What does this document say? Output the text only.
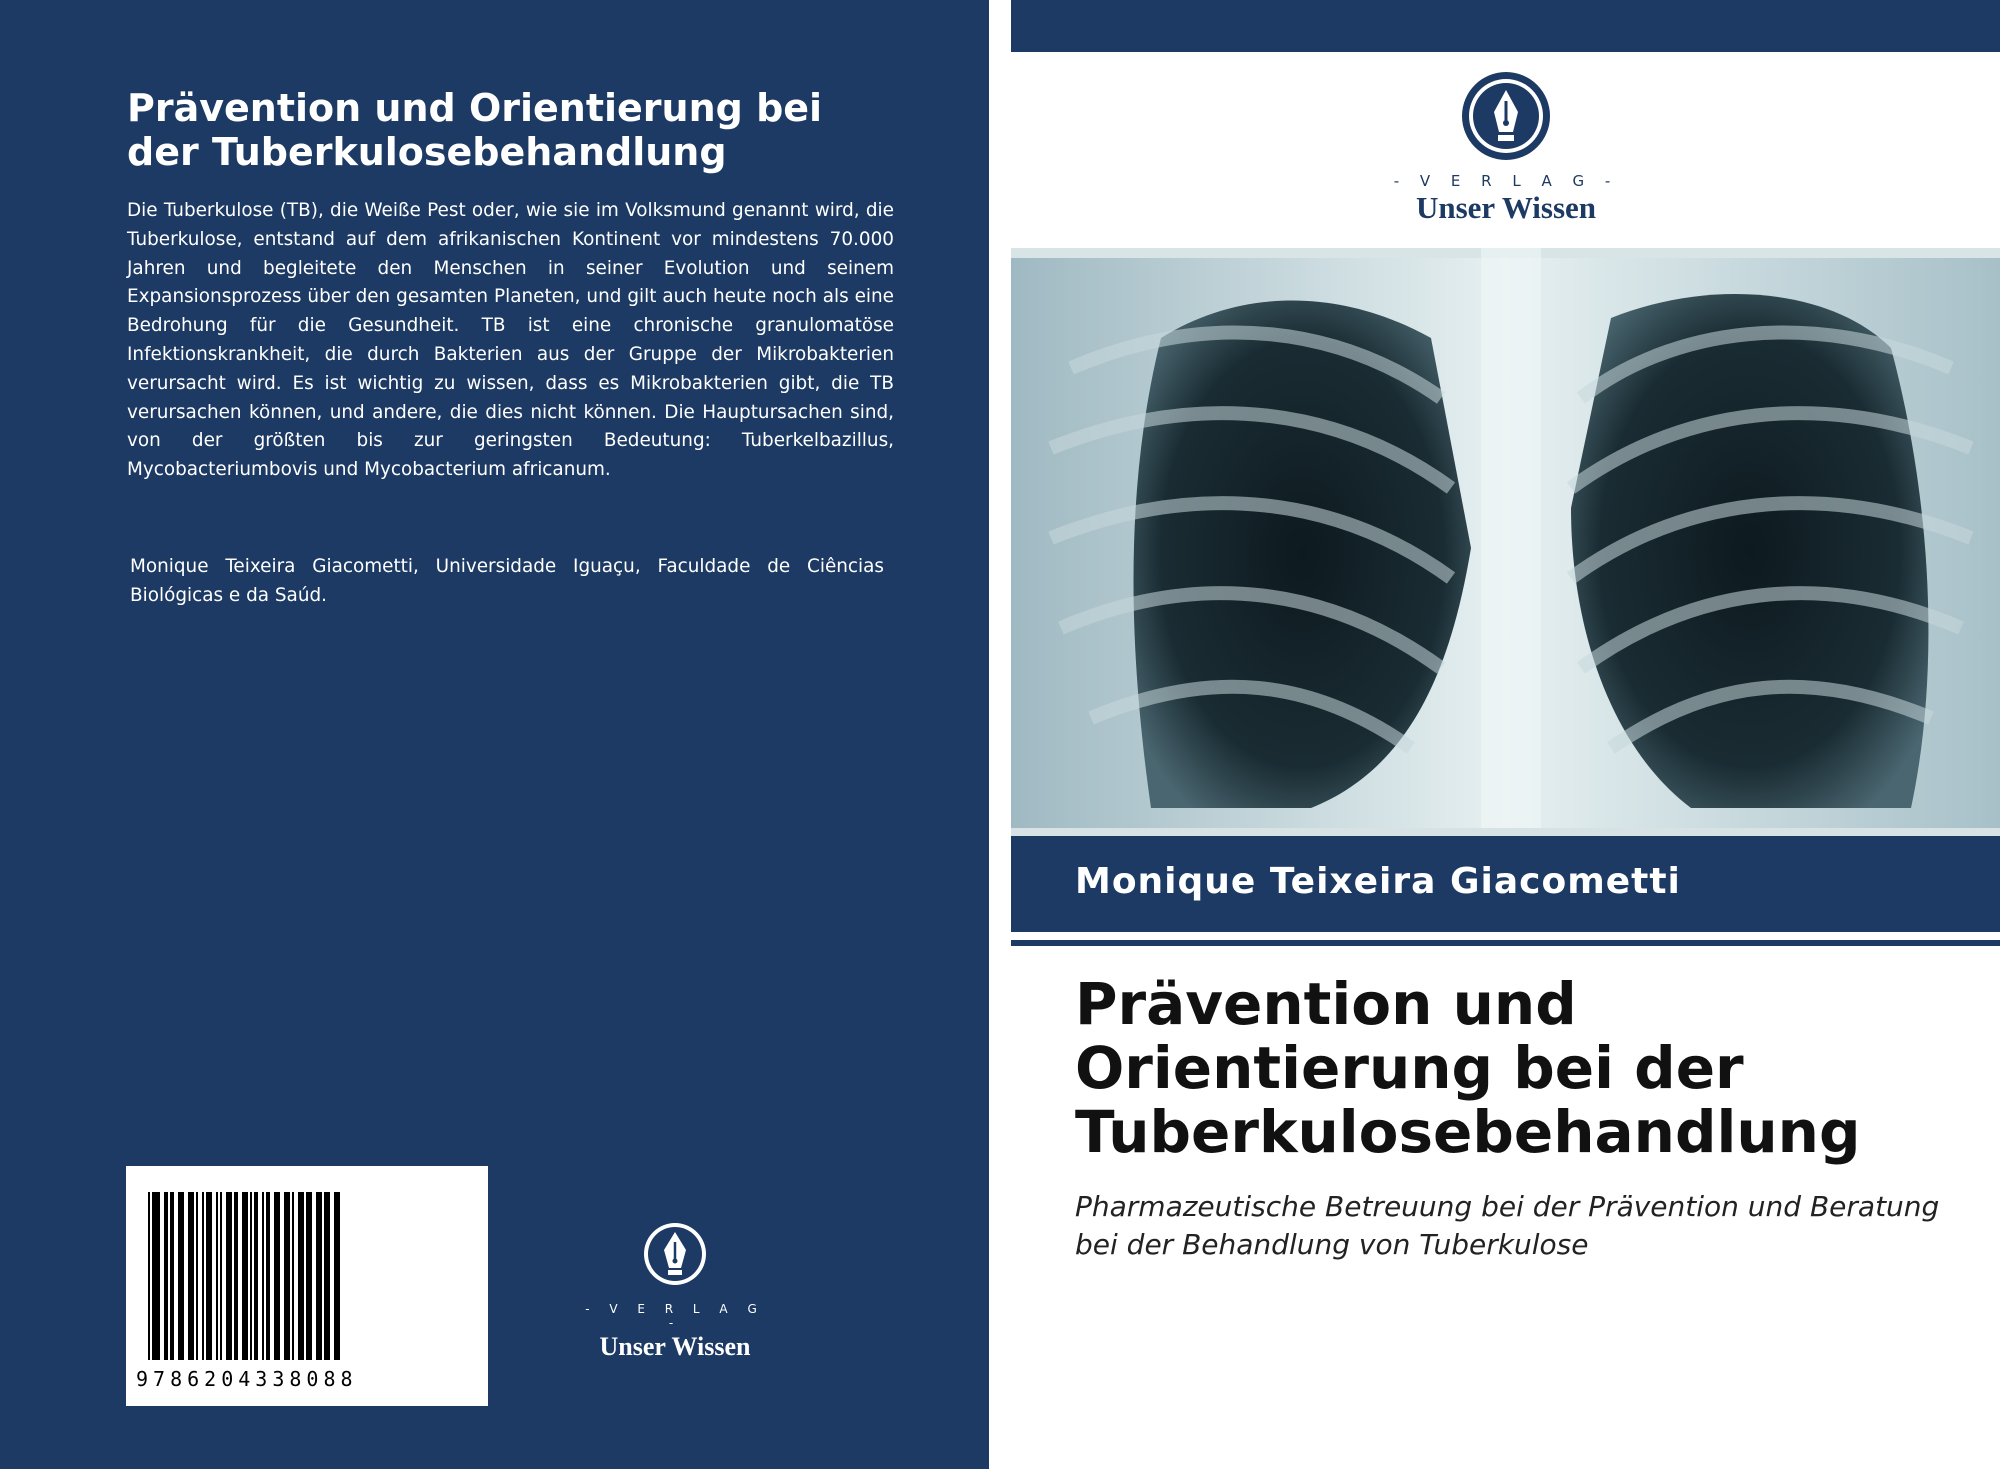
Prävention und Orientierung bei der Tuberkulosebehandlung

Die Tuberkulose (TB), die Weiße Pest oder, wie sie im Volksmund genannt wird, die Tuberkulose, entstand auf dem afrikanischen Kontinent vor mindestens 70.000 Jahren und begleitete den Menschen in seiner Evolution und seinem Expansionsprozess über den gesamten Planeten, und gilt auch heute noch als eine Bedrohung für die Gesundheit. TB ist eine chronische granulomatöse Infektionskrankheit, die durch Bakterien aus der Gruppe der Mikrobakterien verursacht wird. Es ist wichtig zu wissen, dass es Mikrobakterien gibt, die TB verursachen können, und andere, die dies nicht können. Die Hauptursachen sind, von der größten bis zur geringsten Bedeutung: Tuberkelbazillus, Mycobacteriumbovis und Mycobacterium africanum.

Monique Teixeira Giacometti, Universidade Iguaçu, Faculdade de Ciências Biológicas e da Saúd.

9786204338088
- V E R L A G -
Unser Wissen
- V E R L A G -
Unser Wissen
Monique Teixeira Giacometti
Prävention und Orientierung bei der Tuberkulosebehandlung

Pharmazeutische Betreuung bei der Prävention und Beratung bei der Behandlung von Tuberkulose
